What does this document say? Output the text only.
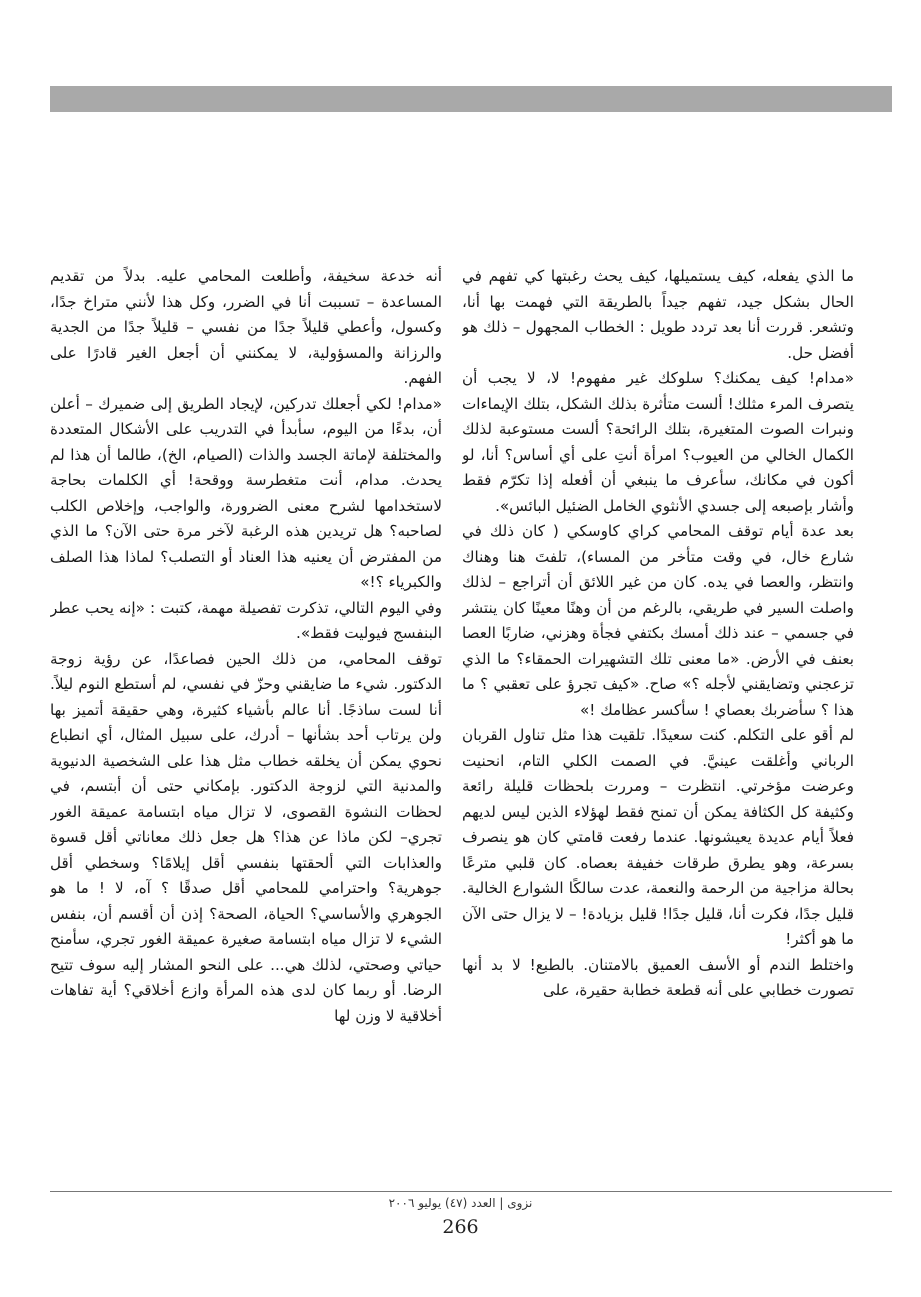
ما الذي يفعله، كيف يستميلها، كيف يحث رغبتها كي تفهم في الحال بشكل جيد، تفهم جيداً بالطريقة التي فهمت بها أنا، وتشعر. قررت أنا بعد تردد طويل : الخطاب المجهول – ذلك هو أفضل حل.

«مدام! كيف يمكنك؟ سلوكك غير مفهوم! لا، لا يجب أن يتصرف المرء مثلك! ألست متأثرة بذلك الشكل، بتلك الإيماءات ونبرات الصوت المتغيرة، بتلك الرائحة؟ ألست مستوعبة لذلك الكمال الخالي من العيوب؟ امرأة أنتِ على أي أساس؟ أنا، لو أكون في مكانك، سأعرف ما ينبغي أن أفعله إذا تكرّم فقط وأشار بإصبعه إلى جسدي الأنثوي الخامل الضئيل البائس».

بعد عدة أيام توقف المحامي كراي كاوسكي ( كان ذلك في شارع خال، في وقت متأخر من المساء)، تلفتَ هنا وهناك وانتظر، والعصا في يده. كان من غير اللائق أن أتراجع – لذلك واصلت السير في طريقي، بالرغم من أن وهنًا معينًا كان ينتشر في جسمي – عند ذلك أمسك بكتفي فجأة وهزني، ضاربًا العصا بعنف في الأرض. «ما معنى تلك التشهيرات الحمقاء؟ ما الذي تزعجني وتضايقني لأجله ؟» صاح. «كيف تجرؤ على تعقبي ؟ ما هذا ؟ سأضربك بعصاي ! سأكسر عظامك !»

لم أقو على التكلم. كنت سعيدًا. تلقيت هذا مثل تناول القربان الرباني وأغلقت عينيَّ. في الصمت الكلي التام، انحنيت وعرضت مؤخرتي. انتظرت – ومررت بلحظات قليلة رائعة وكثيفة كل الكثافة يمكن أن تمنح فقط لهؤلاء الذين ليس لديهم فعلاً أيام عديدة يعيشونها. عندما رفعت قامتي كان هو ينصرف بسرعة، وهو يطرق طرقات خفيفة بعصاه. كان قلبي مترعًا بحالة مزاجية من الرحمة والنعمة، عدت سالكًا الشوارع الخالية. قليل جدًا، فكرت أنا، قليل جدًا! قليل بزيادة! – لا يزال حتى الآن ما هو أكثر!

واختلط الندم أو الأسف العميق بالامتنان. بالطبع! لا بد أنها تصورت خطابي على أنه قطعة خطابة حقيرة، على

أنه خدعة سخيفة، وأطلعت المحامي عليه. بدلاً من تقديم المساعدة – تسببت أنا في الضرر، وكل هذا لأنني متراخ جدًا، وكسول، وأعطي قليلاً جدًا من نفسي – قليلاً جدًا من الجدية والرزانة والمسؤولية، لا يمكنني أن أجعل الغير قادرًا على الفهم.

«مدام! لكي أجعلك تدركين، لإيجاد الطريق إلى ضميرك – أعلن أن، بدءًا من اليوم، سأبدأ في التدريب على الأشكال المتعددة والمختلفة لإماتة الجسد والذات (الصيام، الخ)، طالما أن هذا لم يحدث. مدام، أنت متغطرسة ووقحة! أي الكلمات بحاجة لاستخدامها لشرح معنى الضرورة، والواجب، وإخلاص الكلب لصاحبه؟ هل تريدين هذه الرغبة لآخر مرة حتى الآن؟ ما الذي من المفترض أن يعنيه هذا العناد أو التصلب؟ لماذا هذا الصلف والكبرياء ؟!»

وفي اليوم التالي، تذكرت تفصيلة مهمة، كتبت : «إنه يحب عطر البنفسج فيوليت فقط».

توقف المحامي، من ذلك الحين فصاعدًا، عن رؤية زوجة الدكتور. شيء ما ضايقني وحزّ في نفسي، لم أستطع النوم ليلاً. أنا لست ساذجًا. أنا عالم بأشياء كثيرة، وهي حقيقة أتميز بها ولن يرتاب أحد بشأنها – أدرك، على سبيل المثال، أي انطباع نحوي يمكن أن يخلقه خطاب مثل هذا على الشخصية الدنيوية والمدنية التي لزوجة الدكتور. بإمكاني حتى أن أبتسم، في لحظات النشوة القصوى، لا تزال مياه ابتسامة عميقة الغور تجري– لكن ماذا عن هذا؟ هل جعل ذلك معاناتي أقل قسوة والعذابات التي ألحقتها بنفسي أقل إيلامًا؟ وسخطي أقل جوهرية؟ واحترامي للمحامي أقل صدقًا ؟ آه، لا ! ما هو الجوهري والأساسي؟ الحياة، الصحة؟ إذن أن أقسم أن، بنفس الشيء لا تزال مياه ابتسامة صغيرة عميقة الغور تجري، سأمنح حياتي وصحتي، لذلك هي... على النحو المشار إليه سوف تتيح الرضا. أو ربما كان لدى هذه المرأة وازع أخلاقي؟ أية تفاهات أخلاقية لا وزن لها

نزوى | العدد (٤٧) يوليو ٢٠٠٦
266
